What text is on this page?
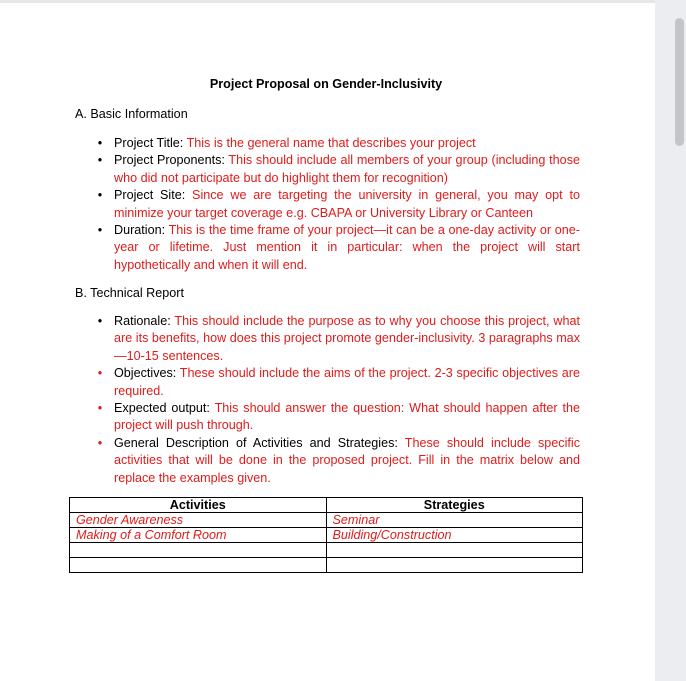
Project Proposal on Gender-Inclusivity
A. Basic Information
• Project Title: This is the general name that describes your project
• Project Proponents: This should include all members of your group (including those who did not participate but do highlight them for recognition)
• Project Site: Since we are targeting the university in general, you may opt to minimize your target coverage e.g. CBAPA or University Library or Canteen
• Duration: This is the time frame of your project—it can be a one-day activity or one-year or lifetime. Just mention it in particular: when the project will start hypothetically and when it will end.
B. Technical Report
• Rationale: This should include the purpose as to why you choose this project, what are its benefits, how does this project promote gender-inclusivity. 3 paragraphs max—10-15 sentences.
• Objectives: These should include the aims of the project. 2-3 specific objectives are required.
• Expected output: This should answer the question: What should happen after the project will push through.
• General Description of Activities and Strategies: These should include specific activities that will be done in the proposed project. Fill in the matrix below and replace the examples given.
Activities	Strategies
Gender Awareness	Seminar
Making of a Comfort Room	Building/Construction
